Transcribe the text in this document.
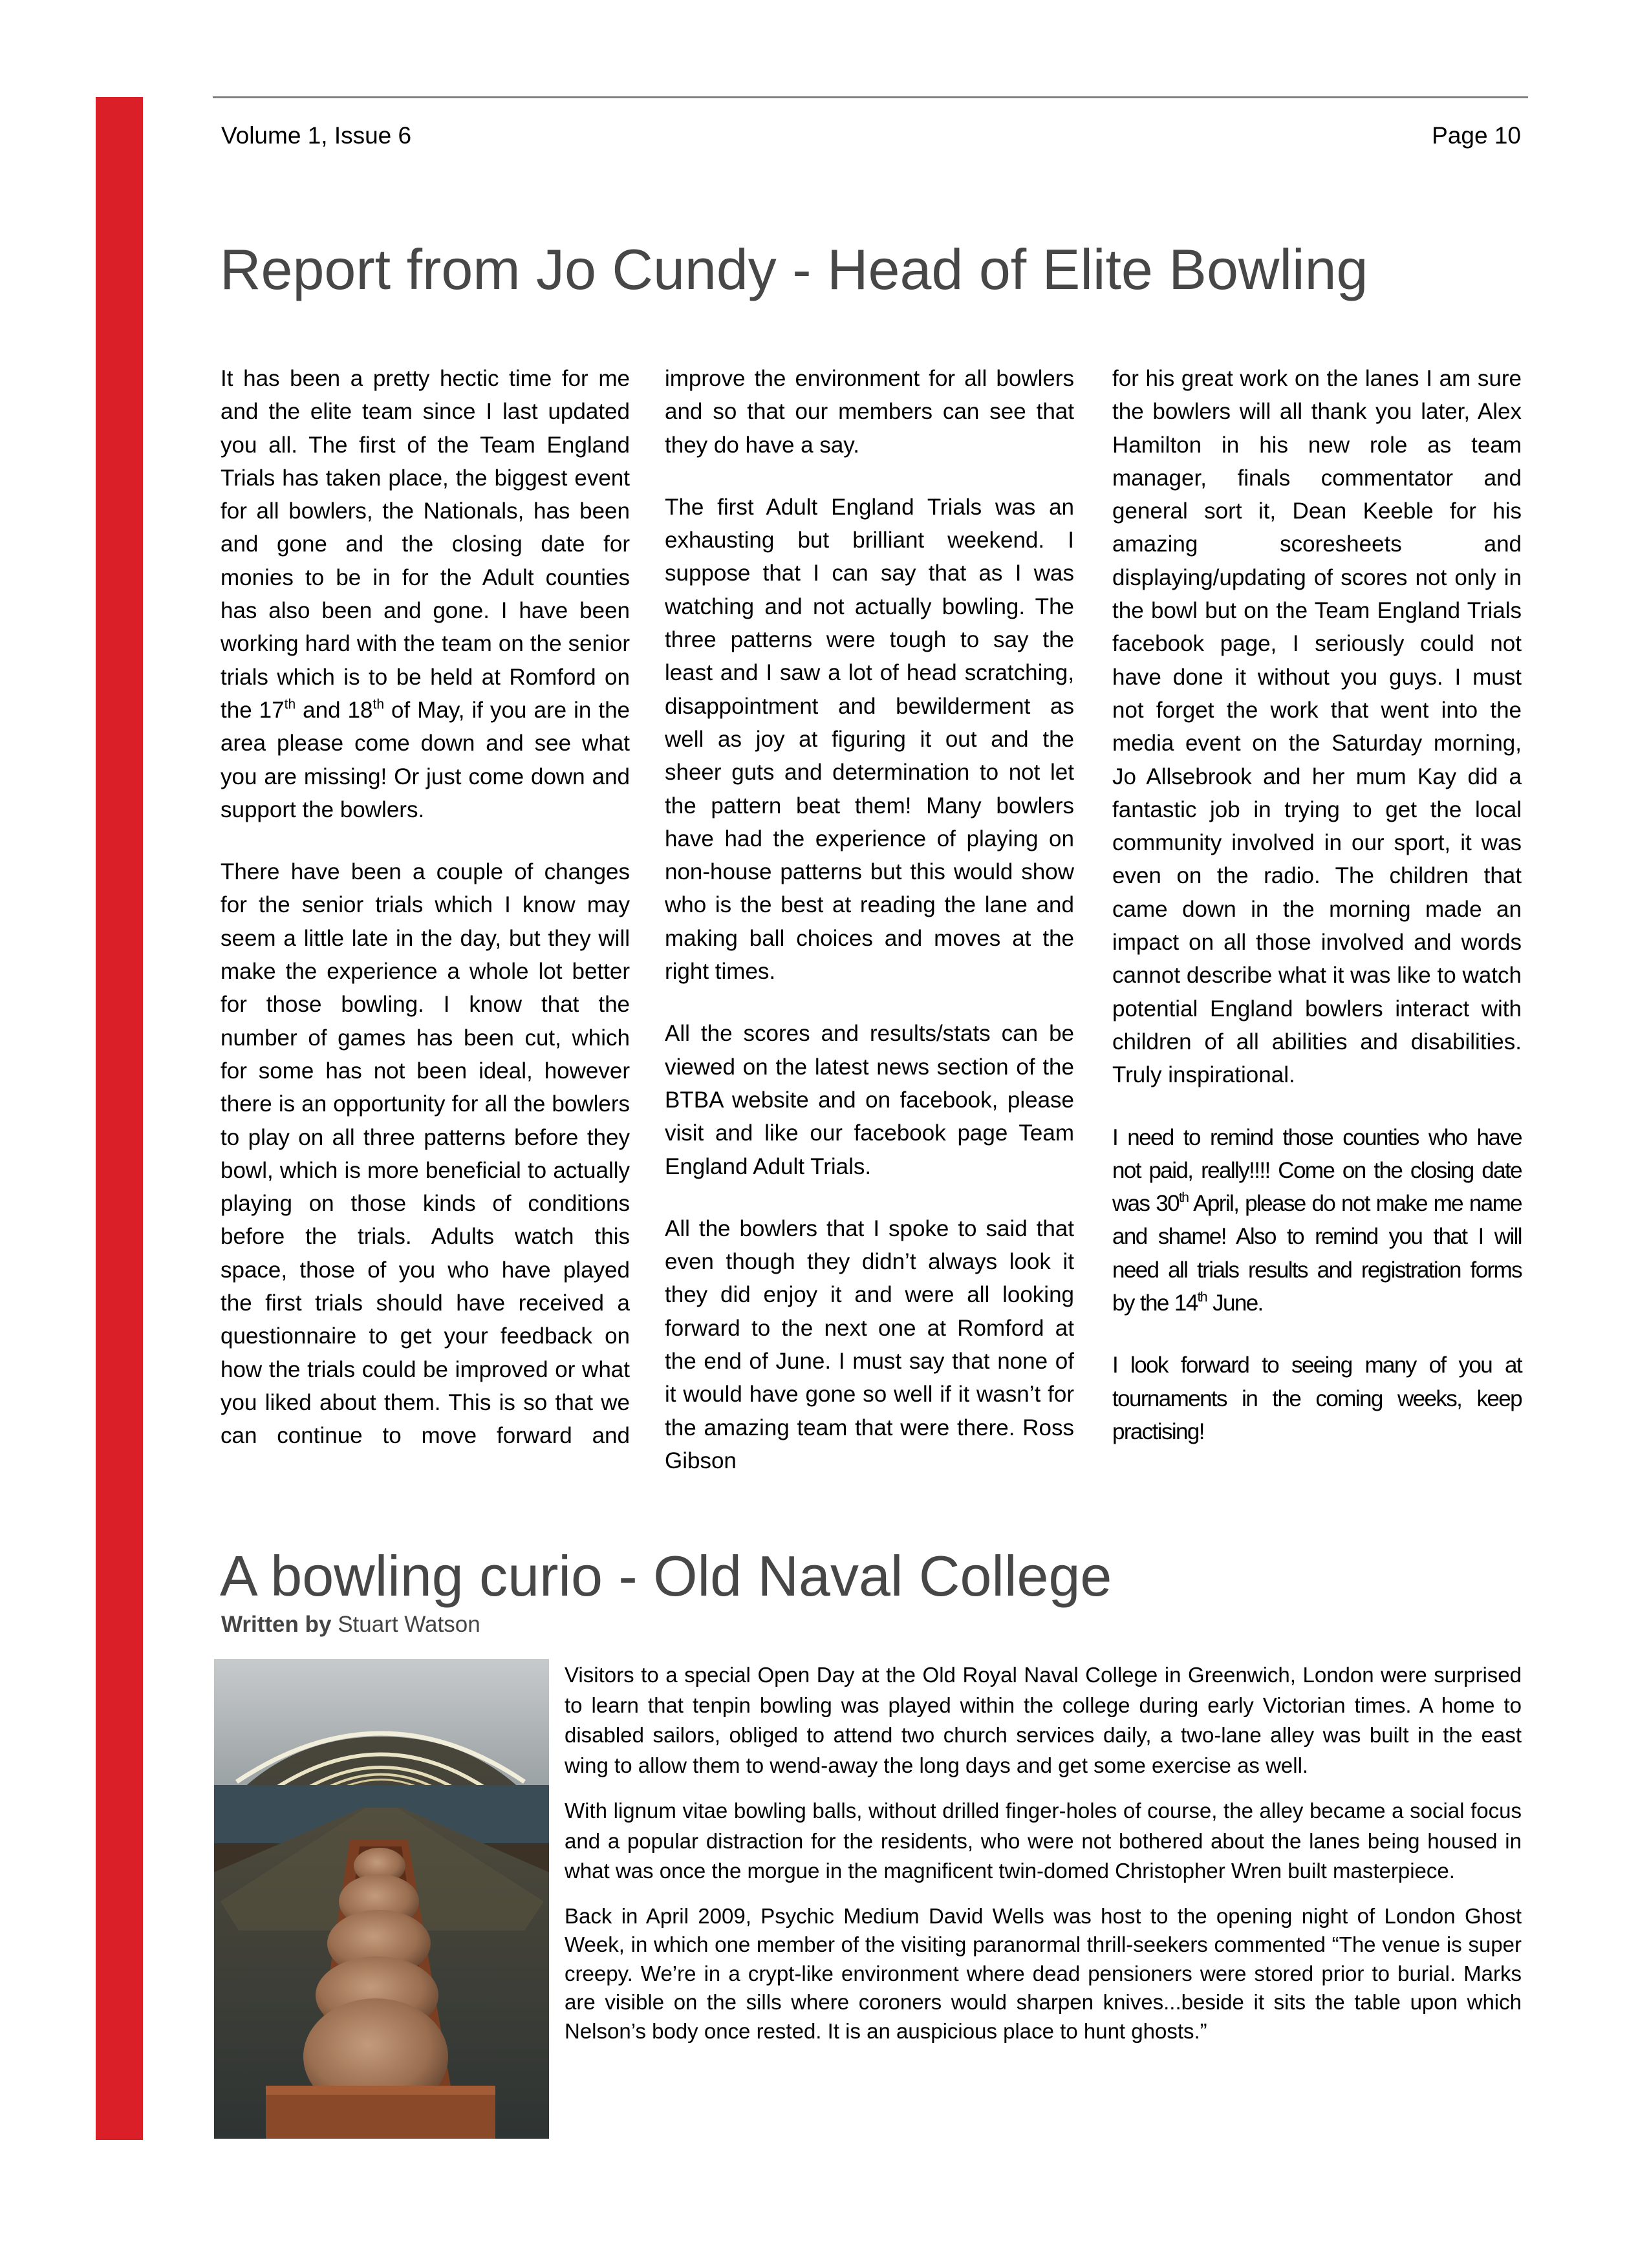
Volume 1, Issue 6	Page 10
Report from Jo Cundy - Head of Elite Bowling

It has been a pretty hectic time for me and the elite team since I last updated you all. The first of the Team England Trials has taken place, the biggest event for all bowlers, the Nationals, has been and gone and the closing date for monies to be in for the Adult counties has also been and gone. I have been working hard with the team on the senior trials which is to be held at Romford on the 17th and 18th of May, if you are in the area please come down and see what you are missing! Or just come down and support the bowlers.

There have been a couple of changes for the senior trials which I know may seem a little late in the day, but they will make the experience a whole lot better for those bowling. I know that the number of games has been cut, which for some has not been ideal, however there is an opportunity for all the bowlers to play on all three patterns before they bowl, which is more beneficial to actually playing on those kinds of conditions before the trials. Adults watch this space, those of you who have played the first trials should have received a questionnaire to get your feedback on how the trials could be improved or what you liked about them. This is so that we can continue to move forward and

improve the environment for all bowlers and so that our members can see that they do have a say.

The first Adult England Trials was an exhausting but brilliant weekend. I suppose that I can say that as I was watching and not actually bowling. The three patterns were tough to say the least and I saw a lot of head scratching, disappointment and bewilderment as well as joy at figuring it out and the sheer guts and determination to not let the pattern beat them! Many bowlers have had the experience of playing on non-house patterns but this would show who is the best at reading the lane and making ball choices and moves at the right times.

All the scores and results/stats can be viewed on the latest news section of the BTBA website and on facebook, please visit and like our facebook page Team England Adult Trials.

All the bowlers that I spoke to said that even though they didn’t always look it they did enjoy it and were all looking forward to the next one at Romford at the end of June. I must say that none of it would have gone so well if it wasn’t for the amazing team that were there. Ross Gibson

for his great work on the lanes I am sure the bowlers will all thank you later, Alex Hamilton in his new role as team manager, finals commentator and general sort it, Dean Keeble for his amazing scoresheets and displaying/updating of scores not only in the bowl but on the Team England Trials facebook page, I seriously could not have done it without you guys. I must not forget the work that went into the media event on the Saturday morning, Jo Allsebrook and her mum Kay did a fantastic job in trying to get the local community involved in our sport, it was even on the radio. The children that came down in the morning made an impact on all those involved and words cannot describe what it was like to watch potential England bowlers interact with children of all abilities and disabilities. Truly inspirational.

I need to remind those counties who have not paid, really!!!! Come on the closing date was 30th April, please do not make me name and shame! Also to remind you that I will need all trials results and registration forms by the 14th June.

I look forward to seeing many of you at tournaments in the coming weeks, keep practising!

A bowling curio - Old Naval College
Written by Stuart Watson

Visitors to a special Open Day at the Old Royal Naval College in Greenwich, London were surprised to learn that tenpin bowling was played within the college during early Victorian times. A home to disabled sailors, obliged to attend two church services daily, a two-lane alley was built in the east wing to allow them to wend-away the long days and get some exercise as well.

With lignum vitae bowling balls, without drilled finger-holes of course, the alley became a social focus and a popular distraction for the residents, who were not bothered about the lanes being housed in what was once the morgue in the magnificent twin-domed Christopher Wren built masterpiece.

Back in April 2009, Psychic Medium David Wells was host to the opening night of London Ghost Week, in which one member of the visiting paranormal thrill-seekers commented “The venue is super creepy. We’re in a crypt-like environment where dead pensioners were stored prior to burial. Marks are visible on the sills where coroners would sharpen knives...beside it sits the table upon which Nelson’s body once rested. It is an auspicious place to hunt ghosts.”
